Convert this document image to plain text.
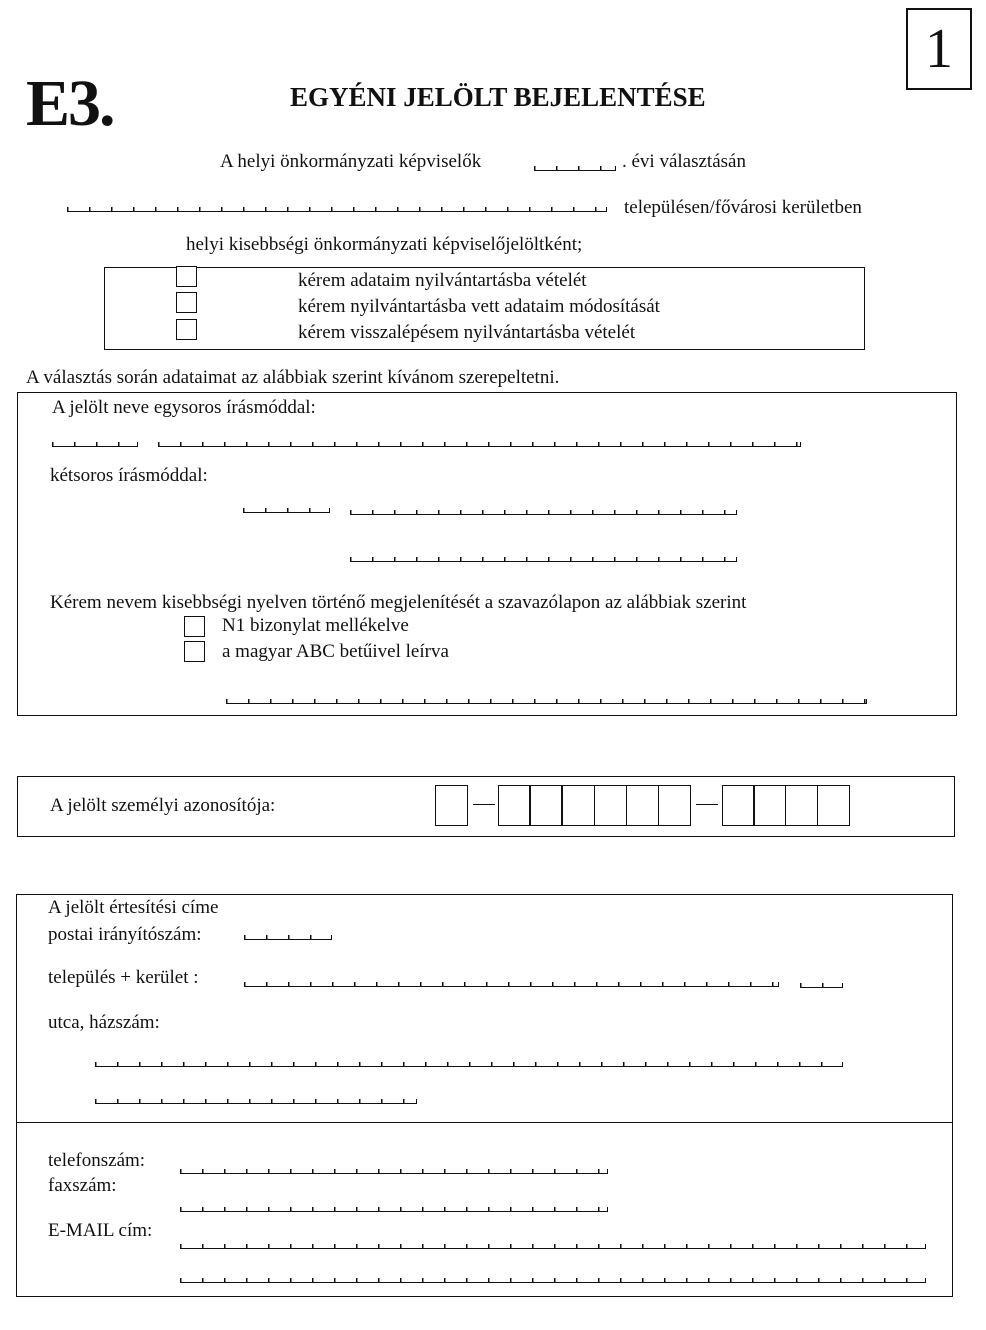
E3.	EGYÉNI JELÖLT BEJELENTÉSE
1
A helyi önkormányzati képviselők	. évi választásán
településen/fővárosi kerületben
helyi kisebbségi önkormányzati képviselőjelöltként;
kérem adataim nyilvántartásba vételét
kérem nyilvántartásba vett adataim módosítását
kérem visszalépésem nyilvántartásba vételét
A választás során adataimat az alábbiak szerint kívánom szerepeltetni.
A jelölt neve egysoros írásmóddal:
kétsoros írásmóddal:
Kérem nevem kisebbségi nyelven történő megjelenítését a szavazólapon az alábbiak szerint
N1 bizonylat mellékelve
a magyar ABC betűivel leírva
A jelölt személyi azonosítója:
A jelölt értesítési címe
postai irányítószám:
település + kerület :
utca, házszám:
telefonszám:
faxszám:
E-MAIL cím:
